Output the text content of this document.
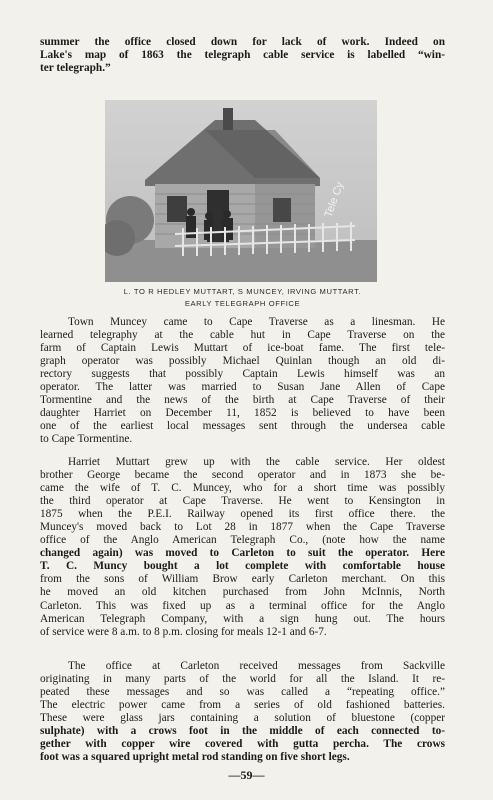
summer the office closed down for lack of work. Indeed on
Lake's map of 1863 the telegraph cable service is labelled “win-
ter telegraph.”

Tele Cy
L. TO R HEDLEY MUTTART, S MUNCEY, IRVING MUTTART.
EARLY TELEGRAPH OFFICE

Town Muncey came to Cape Traverse as a linesman. He
learned telegraphy at the cable hut in Cape Traverse on the
farm of Captain Lewis Muttart of ice-boat fame. The first tele-
graph operator was possibly Michael Quinlan though an old di-
rectory suggests that possibly Captain Lewis himself was an
operator. The latter was married to Susan Jane Allen of Cape
Tormentine and the news of the birth at Cape Traverse of their
daughter Harriet on December 11, 1852 is believed to have been
one of the earliest local messages sent through the undersea cable
to Cape Tormentine.

Harriet Muttart grew up with the cable service. Her oldest
brother George became the second operator and in 1873 she be-
came the wife of T. C. Muncey, who for a short time was possibly
the third operator at Cape Traverse. He went to Kensington in
1875 when the P.E.I. Railway opened its first office there. the
Muncey's moved back to Lot 28 in 1877 when the Cape Traverse
office of the Anglo American Telegraph Co., (note how the name
changed again) was moved to Carleton to suit the operator. Here
T. C. Muncy bought a lot complete with comfortable house
from the sons of William Brow early Carleton merchant. On this
he moved an old kitchen purchased from John McInnis, North
Carleton. This was fixed up as a terminal office for the Anglo
American Telegraph Company, with a sign hung out. The hours
of service were 8 a.m. to 8 p.m. closing for meals 12-1 and 6-7.

The office at Carleton received messages from Sackville
originating in many parts of the world for all the Island. It re-
peated these messages and so was called a “repeating office.”
The electric power came from a series of old fashioned batteries.
These were glass jars containing a solution of bluestone (copper
sulphate) with a crows foot in the middle of each connected to-
gether with copper wire covered with gutta percha. The crows
foot was a squared upright metal rod standing on five short legs.

—59—
